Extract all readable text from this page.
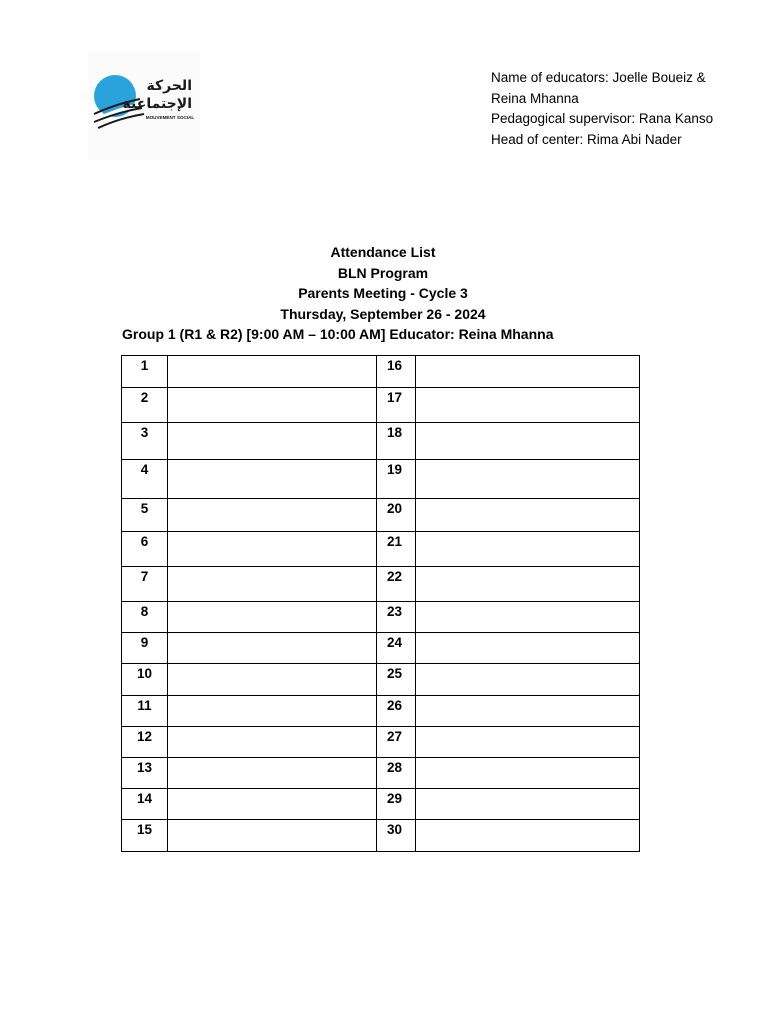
الحركة
الإجتماعية
MOUVEMENT SOCIAL
Name of educators: Joelle Boueiz &
Reina Mhanna
Pedagogical supervisor: Rana Kanso
Head of center: Rima Abi Nader
Attendance List
BLN Program
Parents Meeting - Cycle 3
Thursday, September 26 - 2024
Group 1 (R1 & R2) [9:00 AM – 10:00 AM] Educator: Reina Mhanna
1		16	
2		17	
3		18	
4		19	
5		20	
6		21	
7		22	
8		23	
9		24	
10		25	
11		26	
12		27	
13		28	
14		29	
15		30	
